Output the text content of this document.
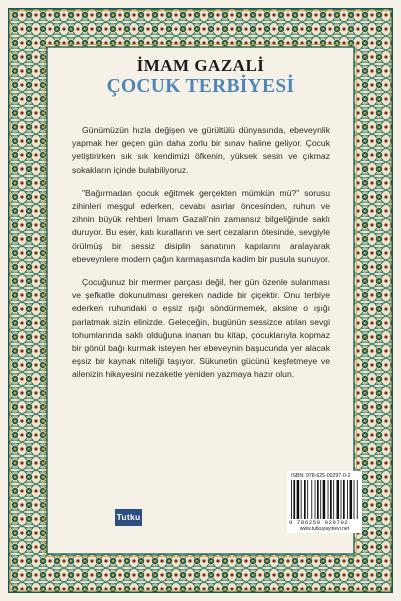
İMAM GAZALİ
ÇOCUK TERBİYESİ

Günümüzün hızla değişen ve gürültülü dünyasında, ebeveynlik yapmak her geçen gün daha zorlu bir sınav haline geliyor. Çocuk yetiştirirken sık sık kendimizi öfkenin, yüksek sesin ve çıkmaz sokakların içinde bulabiliyoruz.

"Bağırmadan çocuk eğitmek gerçekten mümkün mü?" sorusu zihinleri meşgul ederken, cevabı asırlar öncesinden, ruhun ve zihnin büyük rehberi İmam Gazali'nin zamansız bilgeliğinde saklı duruyor. Bu eser, katı kuralların ve sert cezaların ötesinde, sevgiyle örülmüş bir sessiz disiplin sanatının kapılarını aralayarak ebeveynlere modern çağın karmaşasında kadim bir pusula sunuyor.

Çocuğunuz bir mermer parçası değil, her gün özenle sulanması ve şefkatle dokunulması gereken nadide bir çiçektir. Onu terbiye ederken ruhundaki o eşsiz ışığı söndürmemek, aksine o ışığı parlatmak sizin elinizde. Geleceğin, bugünün sessizce atılan sevgi tohumlarında saklı olduğuna inanan bu kitap, çocuklarıyla kopmaz bir gönül bağı kurmak isteyen her ebeveynin başucunda yer alacak eşsiz bir kaynak niteliği taşıyor. Sükunetin gücünü keşfetmeye ve ailenizin hikayesini nezaketle yeniden yazmaya hazır olun.

Tutku
ISBN: 978-625-00297-0-2
9 786259 029702
www.tutkuyayinevi.net
